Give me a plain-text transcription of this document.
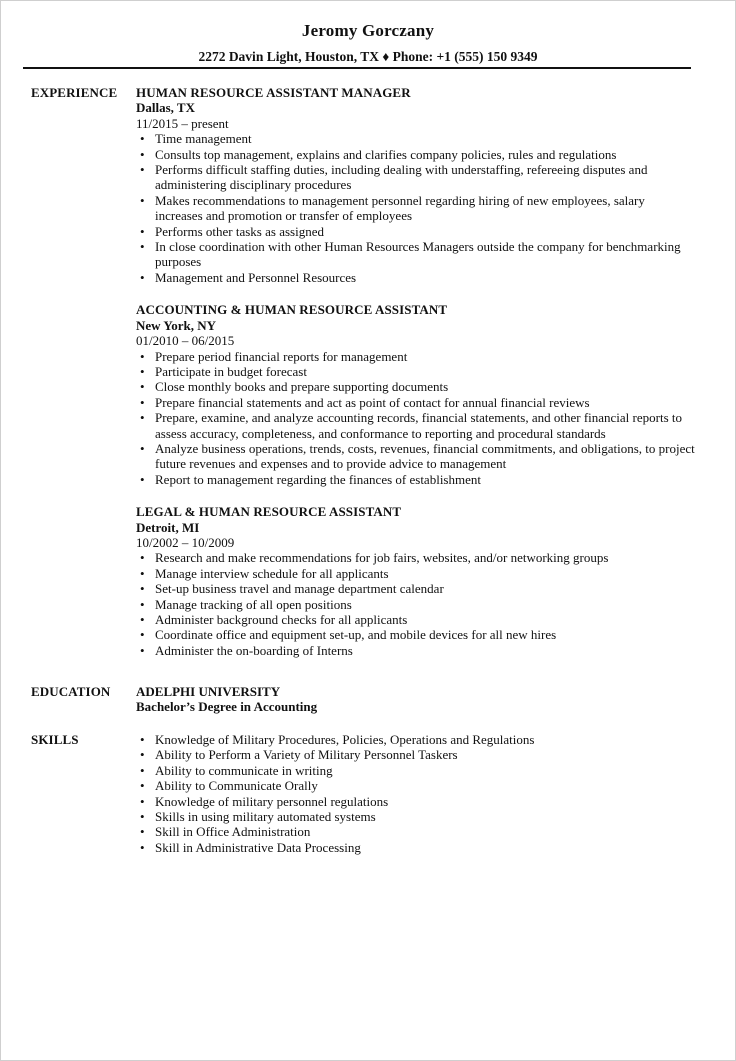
Jeromy Gorczany
2272 Davin Light, Houston, TX ♦ Phone: +1 (555) 150 9349
EXPERIENCE HUMAN RESOURCE ASSISTANT MANAGER
Dallas, TX
11/2015 – present
• Time management
• Consults top management, explains and clarifies company policies, rules and regulations
• Performs difficult staffing duties, including dealing with understaffing, refereeing disputes and administering disciplinary procedures
• Makes recommendations to management personnel regarding hiring of new employees, salary increases and promotion or transfer of employees
• Performs other tasks as assigned
• In close coordination with other Human Resources Managers outside the company for benchmarking purposes
• Management and Personnel Resources
ACCOUNTING & HUMAN RESOURCE ASSISTANT
New York, NY
01/2010 – 06/2015
• Prepare period financial reports for management
• Participate in budget forecast
• Close monthly books and prepare supporting documents
• Prepare financial statements and act as point of contact for annual financial reviews
• Prepare, examine, and analyze accounting records, financial statements, and other financial reports to assess accuracy, completeness, and conformance to reporting and procedural standards
• Analyze business operations, trends, costs, revenues, financial commitments, and obligations, to project future revenues and expenses and to provide advice to management
• Report to management regarding the finances of establishment
LEGAL & HUMAN RESOURCE ASSISTANT
Detroit, MI
10/2002 – 10/2009
• Research and make recommendations for job fairs, websites, and/or networking groups
• Manage interview schedule for all applicants
• Set-up business travel and manage department calendar
• Manage tracking of all open positions
• Administer background checks for all applicants
• Coordinate office and equipment set-up, and mobile devices for all new hires
• Administer the on-boarding of Interns
EDUCATION ADELPHI UNIVERSITY
Bachelor’s Degree in Accounting
SKILLS
•	Knowledge of Military Procedures, Policies, Operations and Regulations
• Ability to Perform a Variety of Military Personnel Taskers
• Ability to communicate in writing
• Ability to Communicate Orally
• Knowledge of military personnel regulations
• Skills in using military automated systems
• Skill in Office Administration
• Skill in Administrative Data Processing
